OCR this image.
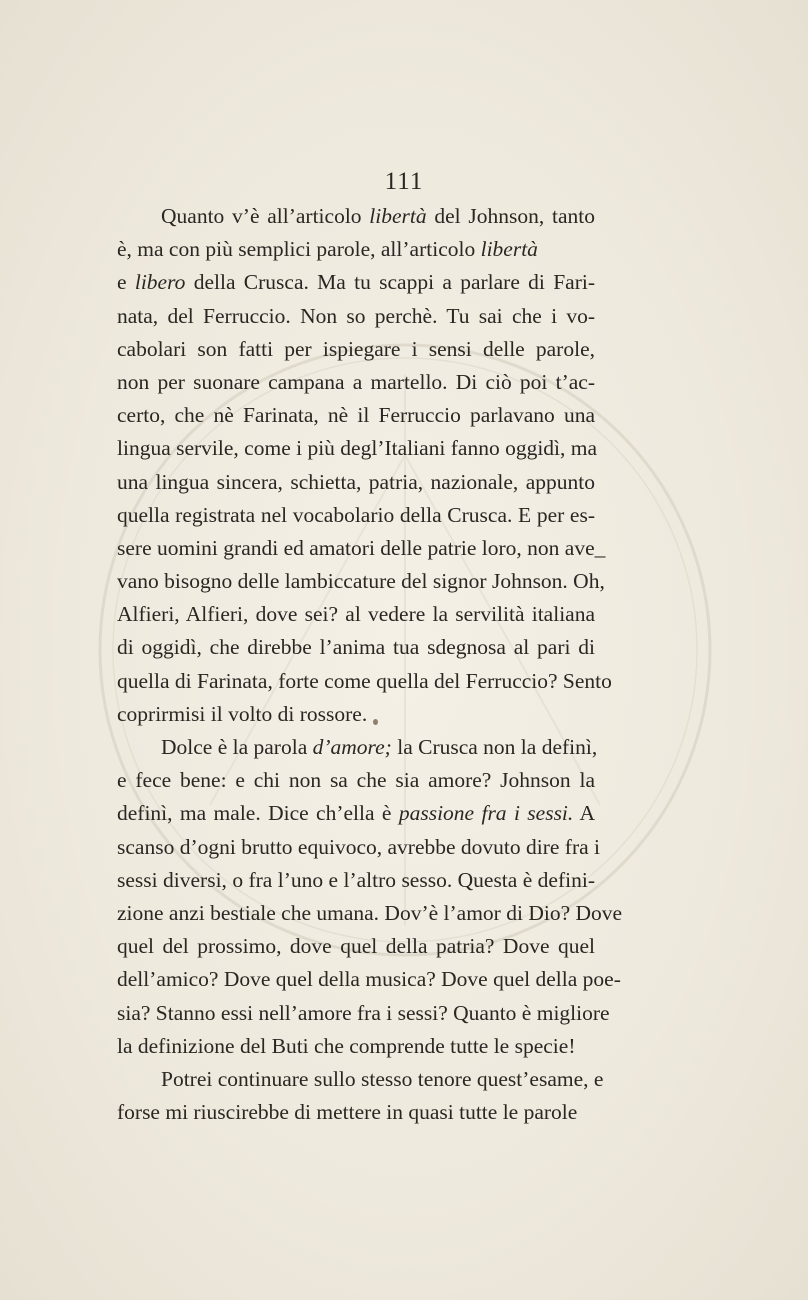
111
Quanto v’è all’articolo libertà del Johnson, tanto
è, ma con più semplici parole, all’articolo libertà
e libero della Crusca. Ma tu scappi a parlare di Fari-
nata, del Ferruccio. Non so perchè. Tu sai che i vo-
cabolari son fatti per ispiegare i sensi delle parole,
non per suonare campana a martello. Di ciò poi t’ac-
certo, che nè Farinata, nè il Ferruccio parlavano una
lingua servile, come i più degl’Italiani fanno oggidì, ma
una lingua sincera, schietta, patria, nazionale, appunto
quella registrata nel vocabolario della Crusca. E per es-
sere uomini grandi ed amatori delle patrie loro, non ave_
vano bisogno delle lambiccature del signor Johnson. Oh,
Alfieri, Alfieri, dove sei? al vedere la servilità italiana
di oggidì, che direbbe l’anima tua sdegnosa al pari di
quella di Farinata, forte come quella del Ferruccio? Sento
coprirmisi il volto di rossore.
Dolce è la parola d’amore; la Crusca non la definì,
e fece bene: e chi non sa che sia amore? Johnson la
definì, ma male. Dice ch’ella è passione fra i sessi. A
scanso d’ogni brutto equivoco, avrebbe dovuto dire fra i
sessi diversi, o fra l’uno e l’altro sesso. Questa è defini-
zione anzi bestiale che umana. Dov’è l’amor di Dio? Dove
quel del prossimo, dove quel della patria? Dove quel
dell’amico? Dove quel della musica? Dove quel della poe-
sia? Stanno essi nell’amore fra i sessi? Quanto è migliore
la definizione del Buti che comprende tutte le specie!
Potrei continuare sullo stesso tenore quest’esame, e
forse mi riuscirebbe di mettere in quasi tutte le parole
